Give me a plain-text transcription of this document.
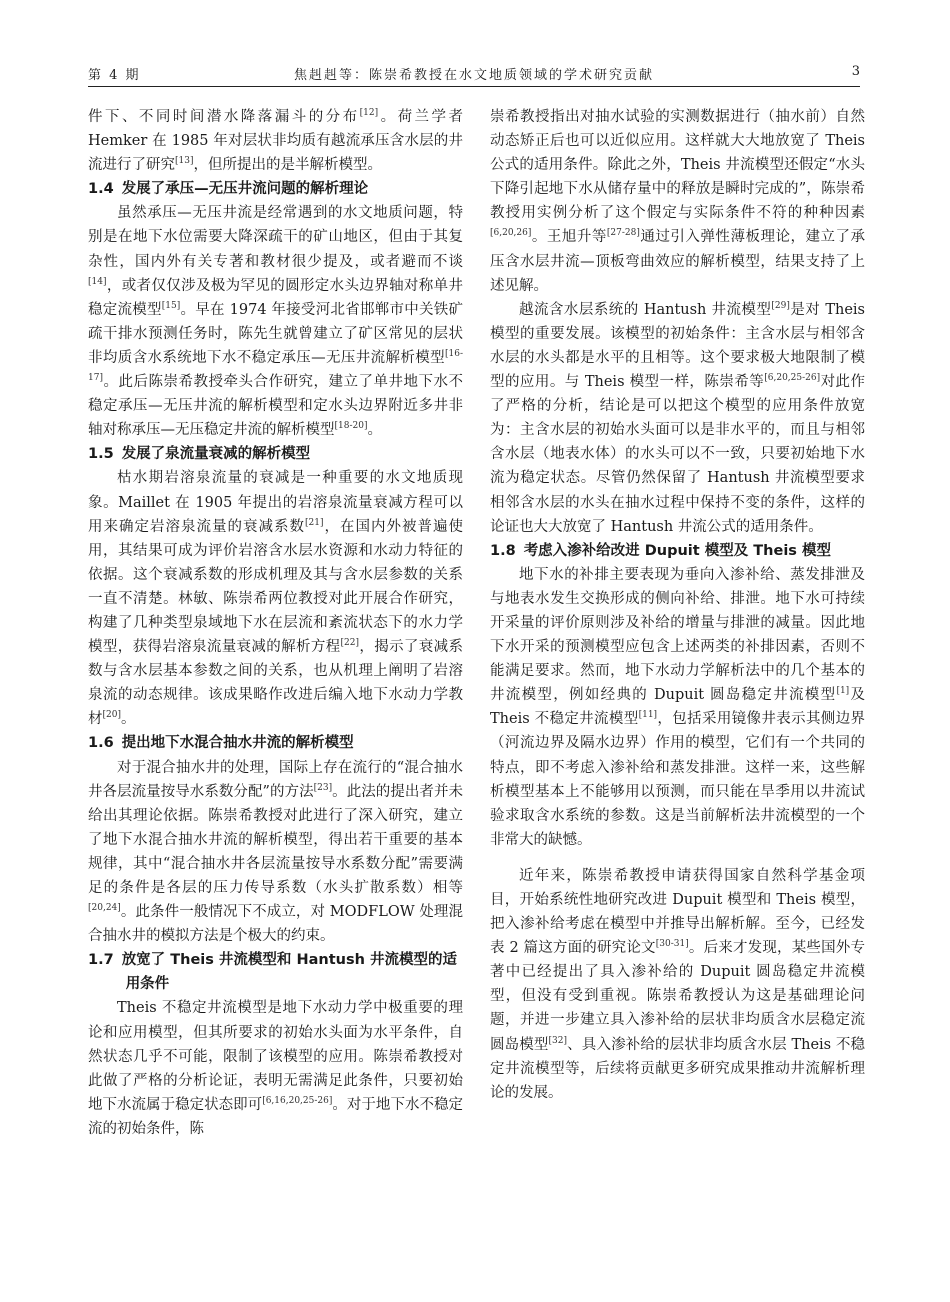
第 4 期	焦赳赳等：陈崇希教授在水文地质领域的学术研究贡献	3

件下、不同时间潜水降落漏斗的分布[12]。荷兰学者 Hemker 在 1985 年对层状非均质有越流承压含水层的井流进行了研究[13]，但所提出的是半解析模型。

1.4 发展了承压—无压井流问题的解析理论

虽然承压—无压井流是经常遇到的水文地质问题，特别是在地下水位需要大降深疏干的矿山地区，但由于其复杂性，国内外有关专著和教材很少提及，或者避而不谈[14]，或者仅仅涉及极为罕见的圆形定水头边界轴对称单井稳定流模型[15]。早在 1974 年接受河北省邯郸市中关铁矿疏干排水预测任务时，陈先生就曾建立了矿区常见的层状非均质含水系统地下水不稳定承压—无压井流解析模型[16-17]。此后陈崇希教授牵头合作研究，建立了单井地下水不稳定承压—无压井流的解析模型和定水头边界附近多井非轴对称承压—无压稳定井流的解析模型[18-20]。

1.5 发展了泉流量衰减的解析模型

枯水期岩溶泉流量的衰减是一种重要的水文地质现象。Maillet 在 1905 年提出的岩溶泉流量衰减方程可以用来确定岩溶泉流量的衰减系数[21]，在国内外被普遍使用，其结果可成为评价岩溶含水层水资源和水动力特征的依据。这个衰减系数的形成机理及其与含水层参数的关系一直不清楚。林敏、陈崇希两位教授对此开展合作研究，构建了几种类型泉域地下水在层流和紊流状态下的水力学模型，获得岩溶泉流量衰减的解析方程[22]，揭示了衰减系数与含水层基本参数之间的关系，也从机理上阐明了岩溶泉流的动态规律。该成果略作改进后编入地下水动力学教材[20]。

1.6 提出地下水混合抽水井流的解析模型

对于混合抽水井的处理，国际上存在流行的“混合抽水井各层流量按导水系数分配”的方法[23]。此法的提出者并未给出其理论依据。陈崇希教授对此进行了深入研究，建立了地下水混合抽水井流的解析模型，得出若干重要的基本规律，其中“混合抽水井各层流量按导水系数分配”需要满足的条件是各层的压力传导系数（水头扩散系数）相等[20,24]。此条件一般情况下不成立，对 MODFLOW 处理混合抽水井的模拟方法是个极大的约束。

1.7 放宽了 Theis 井流模型和 Hantush 井流模型的适用条件

Theis 不稳定井流模型是地下水动力学中极重要的理论和应用模型，但其所要求的初始水头面为水平条件，自然状态几乎不可能，限制了该模型的应用。陈崇希教授对此做了严格的分析论证，表明无需满足此条件，只要初始地下水流属于稳定状态即可[6,16,20,25-26]。对于地下水不稳定流的初始条件，陈

崇希教授指出对抽水试验的实测数据进行（抽水前）自然动态矫正后也可以近似应用。这样就大大地放宽了 Theis 公式的适用条件。除此之外，Theis 井流模型还假定“水头下降引起地下水从储存量中的释放是瞬时完成的”，陈崇希教授用实例分析了这个假定与实际条件不符的种种因素[6,20,26]。王旭升等[27-28]通过引入弹性薄板理论，建立了承压含水层井流—顶板弯曲效应的解析模型，结果支持了上述见解。

越流含水层系统的 Hantush 井流模型[29]是对 Theis 模型的重要发展。该模型的初始条件：主含水层与相邻含水层的水头都是水平的且相等。这个要求极大地限制了模型的应用。与 Theis 模型一样，陈崇希等[6,20,25-26]对此作了严格的分析，结论是可以把这个模型的应用条件放宽为：主含水层的初始水头面可以是非水平的，而且与相邻含水层（地表水体）的水头可以不一致，只要初始地下水流为稳定状态。尽管仍然保留了 Hantush 井流模型要求相邻含水层的水头在抽水过程中保持不变的条件，这样的论证也大大放宽了 Hantush 井流公式的适用条件。

1.8 考虑入渗补给改进 Dupuit 模型及 Theis 模型

地下水的补排主要表现为垂向入渗补给、蒸发排泄及与地表水发生交换形成的侧向补给、排泄。地下水可持续开采量的评价原则涉及补给的增量与排泄的减量。因此地下水开采的预测模型应包含上述两类的补排因素，否则不能满足要求。然而，地下水动力学解析法中的几个基本的井流模型，例如经典的 Dupuit 圆岛稳定井流模型[1]及 Theis 不稳定井流模型[11]，包括采用镜像井表示其侧边界（河流边界及隔水边界）作用的模型，它们有一个共同的特点，即不考虑入渗补给和蒸发排泄。这样一来，这些解析模型基本上不能够用以预测，而只能在旱季用以井流试验求取含水系统的参数。这是当前解析法井流模型的一个非常大的缺憾。

近年来，陈崇希教授申请获得国家自然科学基金项目，开始系统性地研究改进 Dupuit 模型和 Theis 模型，把入渗补给考虑在模型中并推导出解析解。至今，已经发表 2 篇这方面的研究论文[30-31]。后来才发现，某些国外专著中已经提出了具入渗补给的 Dupuit 圆岛稳定井流模型，但没有受到重视。陈崇希教授认为这是基础理论问题，并进一步建立具入渗补给的层状非均质含水层稳定流圆岛模型[32]、具入渗补给的层状非均质含水层 Theis 不稳定井流模型等，后续将贡献更多研究成果推动井流解析理论的发展。
